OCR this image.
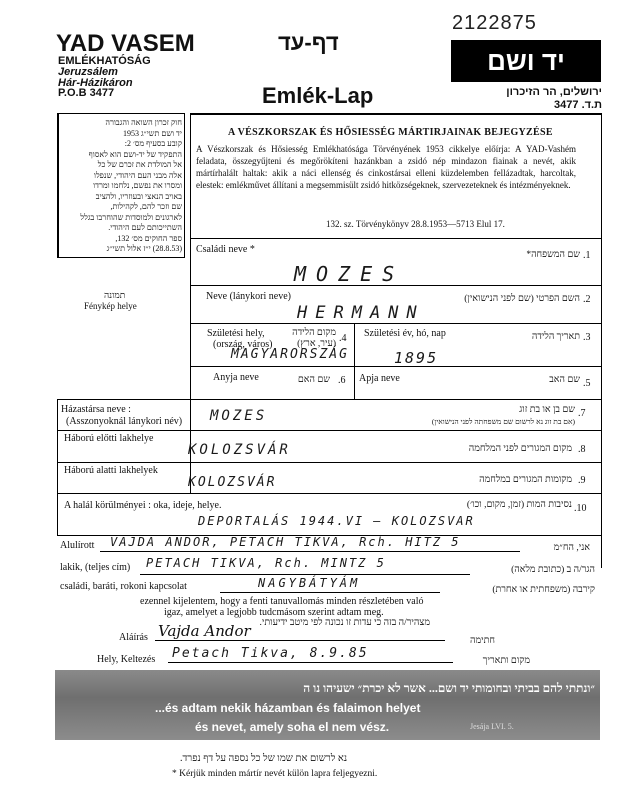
YAD VASEM
EMLÉKHATÓSÁG
Jeruzsálem
Hár-Házikáron
P.O.B 3477
דף-עד
Emlék-Lap
2122875
יד ושם
ירושלים, הר הזיכרון
ת.ד. 3477
חוק זכרון השואה והגבורה
יד ושם תשי״ג 1953
קובע בסעיף מס׳ 2:
התפקיד של יד-ושם הוא לאסוף
אל המולדת את זכרם של כל
אלה מבני העם היהודי, שנפלו
ומסרו את נפשם, נלחמו ומרדו
באויב הנאצי ובעוזריו, ולהציב
שם וזכר להם, לקהילות,
לארגונים ולמוסדות שהוחרבו בגלל
השתייכותם לעם היהודי.
ספר החוקים מס׳ 132,
(28.8.53) י״ז אלול תשי״ג
תמונה
Fénykép helye
A VÉSZKORSZAK ÉS HŐSIESSÉG MÁRTIRJAINAK BEJEGYZÉSE
A Vészkorszak és Hősiesség Emlékhatósága Törvényének 1953 cikkelye előírja: A YAD-Vashém feladata, összegyűjteni és megőrökíteni hazánkban a zsidó nép mindazon fiainak a nevét, akik mártírhalált haltak: akik a náci ellenség és cinkostársai elleni küzdelemben fellázadtak, harcoltak, elestek: emlékművet állítani a megsemmisült zsidó hitközségeknek, szervezeteknek és intézményeknek.
132. sz. Törvénykönyv 28.8.1953—5713 Elul 17.
Családi neve *	שם המשפחה* .1
MOZES
Neve (lánykori neve)	השם הפרטי (שם לפני הנישואין) .2
HERMANN
Születési hely,
(ország, város)
מקום הלידה
(עיר, ארץ) .4
MAGYARORSZÁG
Születési év, hó, nap	תאריך הלידה .3
1895
Anyja neve	שם האם .6 Apja neve	שם האב .5
Házastársa neve :
(Asszonyoknál lánykori név)
שם בן או בת זוג
(אם בת זוג נא לרשום שם משפחתה לפני הנישואין)
.7
MOZES
Háború előtti lakhelye
מקום המגורים לפני המלחמה .8
KOLOZSVÁR
Háború alatti lakhelyek
מקומות המגורים במלחמה .9
KOLOZSVÁR
A halál körülményei : oka, ideje, helye.	נסיבות המות (זמן, מקום, וכו׳) .10
DEPORTALÁS 1944.VI – KOLOZSVAR
Alulírott VAJDA ANDOR, PETACH TIKVA, Rch. HITZ 5	אני, הח״מ
lakik, (teljes cím) PETACH TIKVA, Rch. MINTZ 5	הגר/ה ב (כתובת מלאה)
családi, baráti, rokoni kapcsolat	NAGYBÁTYÁM	קירבה (משפחתית או אחרת)
ezennel kijelentem, hogy a fenti tanuvallomás minden részletében való
igaz, amelyet a legjobb tudcmásom szerint adtam meg.
מצהיר/ה בזה כי עדות זו נכונה לפי מיטב ידיעותי.
Aláírás Vajda Andor
חתימה
Hely, Keltezés Petach Tikva, 8.9.85	מקום ותאריך
״ונתתי להם בביתי ובחומותי יד ושם... אשר לא יכרת״ ישעיהו נו ה
...és adtam nekik házamban és falaimon helyet
és nevet, amely soha el nem vész.	Jesája LVI. 5.
נא לרשום את שמו של כל נספה על דף נפרד.
* Kérjük minden mártír nevét külön lapra feljegyezni.
